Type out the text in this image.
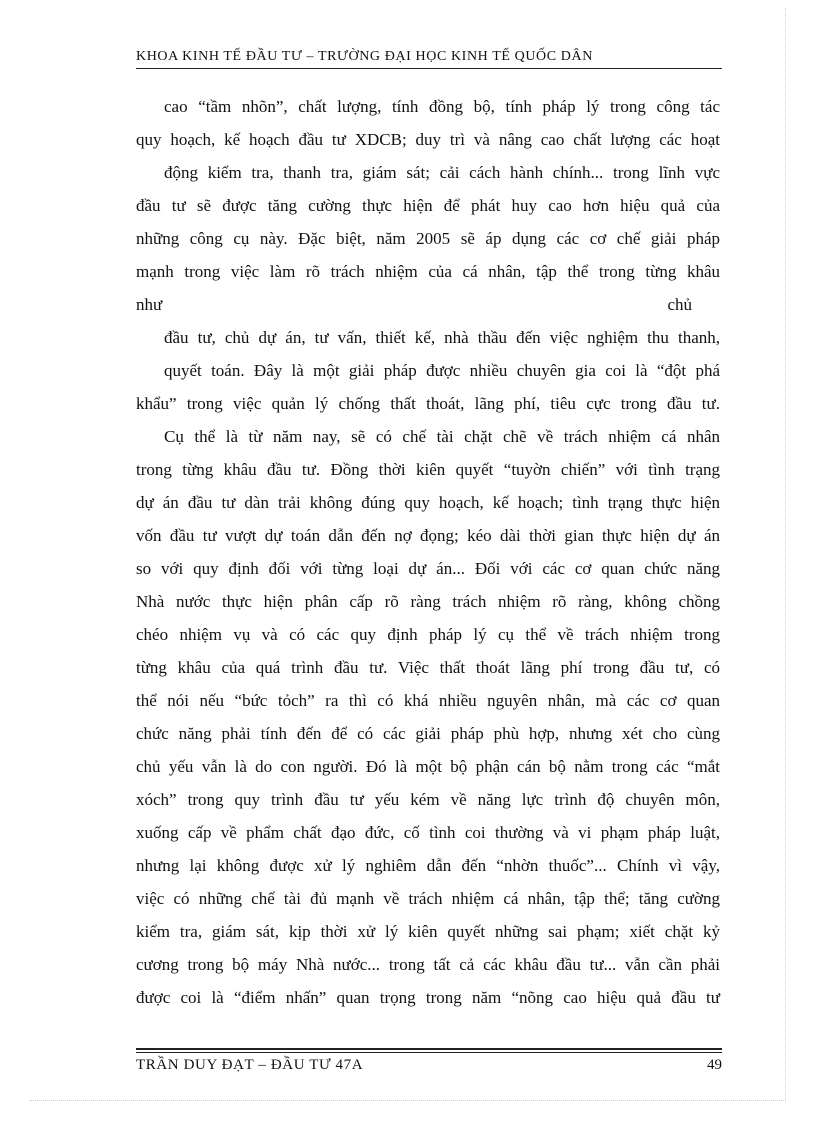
KHOA KINH TẾ ĐẦU TƯ – TRƯỜNG ĐẠI HỌC KINH TẾ QUỐC DÂN
cao “tầm nhõn”, chất lượng, tính đồng bộ, tính pháp lý trong công tác
quy hoạch, kế hoạch đầu tư XDCB; duy trì và nâng cao chất lượng các hoạt
động kiểm tra, thanh tra, giám sát; cải cách hành chính... trong lĩnh vực
đầu tư sẽ được tăng cường thực hiện để phát huy cao hơn hiệu quả của
những công cụ này. Đặc biệt, năm 2005 sẽ áp dụng các cơ chế giải pháp
mạnh trong việc làm rõ trách nhiệm của cá nhân, tập thể trong từng khâu
như	chủ
đầu tư, chủ dự án, tư vấn, thiết kế, nhà thầu đến việc nghiệm thu thanh,
quyết toán. Đây là một giải pháp được nhiều chuyên gia coi là “đột phá
khẩu” trong việc quản lý chống thất thoát, lãng phí, tiêu cực trong đầu tư.
Cụ thể là từ năm nay, sẽ có chế tài chặt chẽ về trách nhiệm cá nhân
trong từng khâu đầu tư. Đồng thời kiên quyết “tuyờn chiến” với tình trạng
dự án đầu tư dàn trải không đúng quy hoạch, kế hoạch; tình trạng thực hiện
vốn đầu tư vượt dự toán dẫn đến nợ đọng; kéo dài thời gian thực hiện dự án
so với quy định đối với từng loại dự án... Đối với các cơ quan chức năng
Nhà nước thực hiện phân cấp rõ ràng trách nhiệm rõ ràng, không chồng
chéo nhiệm vụ và có các quy định pháp lý cụ thể về trách nhiệm trong
từng khâu của quá trình đầu tư. Việc thất thoát lãng phí trong đầu tư, có
thể nói nếu “bức tỏch” ra thì có khá nhiều nguyên nhân, mà các cơ quan
chức năng phải tính đến để có các giải pháp phù hợp, nhưng xét cho cùng
chủ yếu vẫn là do con người. Đó là một bộ phận cán bộ nằm trong các “mắt
xóch” trong quy trình đầu tư yếu kém về năng lực trình độ chuyên môn,
xuống cấp về phẩm chất đạo đức, cố tình coi thường và vi phạm pháp luật,
nhưng lại không được xử lý nghiêm dẫn đến “nhờn thuốc”... Chính vì vậy,
việc có những chế tài đủ mạnh về trách nhiệm cá nhân, tập thể; tăng cường
kiểm tra, giám sát, kịp thời xử lý kiên quyết những sai phạm; xiết chặt kỷ
cương trong bộ máy Nhà nước... trong tất cả các khâu đầu tư... vẫn cần phải
được coi là “điểm nhấn” quan trọng trong năm “nõng cao hiệu quả đầu tư
TRẦN DUY ĐẠT – ĐẦU TƯ 47A	49
